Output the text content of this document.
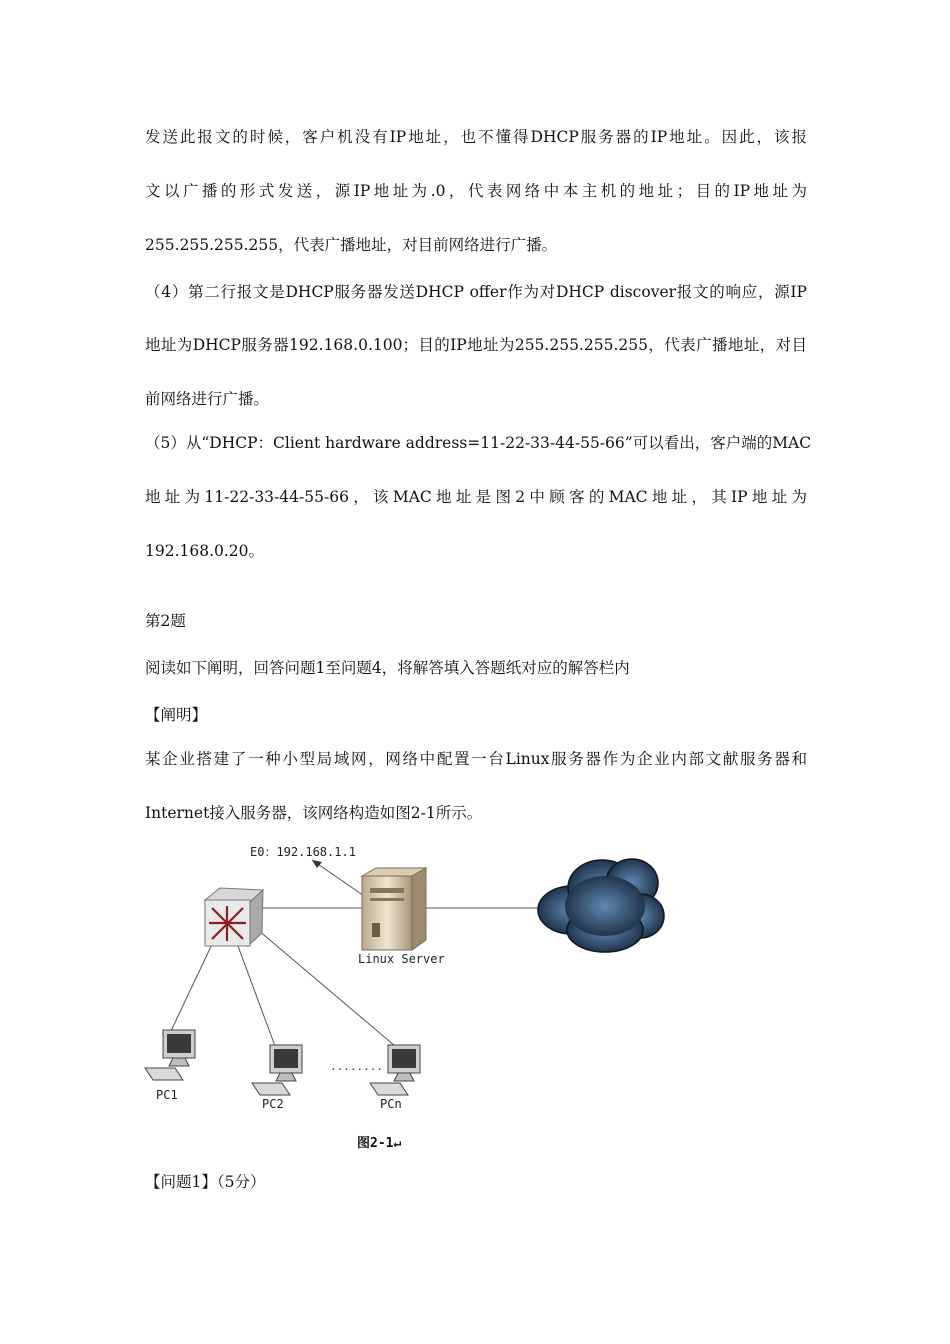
发送此报文的时候，客户机没有IP地址，也不懂得DHCP服务器的IP地址。因此，该报
文以广播的形式发送，源IP地址为.0，代表网络中本主机的地址；目的IP地址为
255.255.255.255，代表广播地址，对目前网络进行广播。
（4）第二行报文是DHCP服务器发送DHCP offer作为对DHCP discover报文的响应，源IP
地址为DHCP服务器192.168.0.100；目的IP地址为255.255.255.255，代表广播地址，对目
前网络进行广播。
（5）从“DHCP：Client hardware address=11-22-33-44-55-66”可以看出，客户端的MAC
地址为11-22-33-44-55-66，该MAC地址是图2中顾客的MAC地址，其IP地址为
192.168.0.20。
第2题
阅读如下阐明，回答问题1至问题4，将解答填入答题纸对应的解答栏内
【阐明】
某企业搭建了一种小型局域网，网络中配置一台Linux服务器作为企业内部文献服务器和
Internet接入服务器，该网络构造如图2-1所示。
E0：192.168.1.1
Linux Server
........
PC1
PC2	PCn
图2-1↵
【问题1】（5分）
